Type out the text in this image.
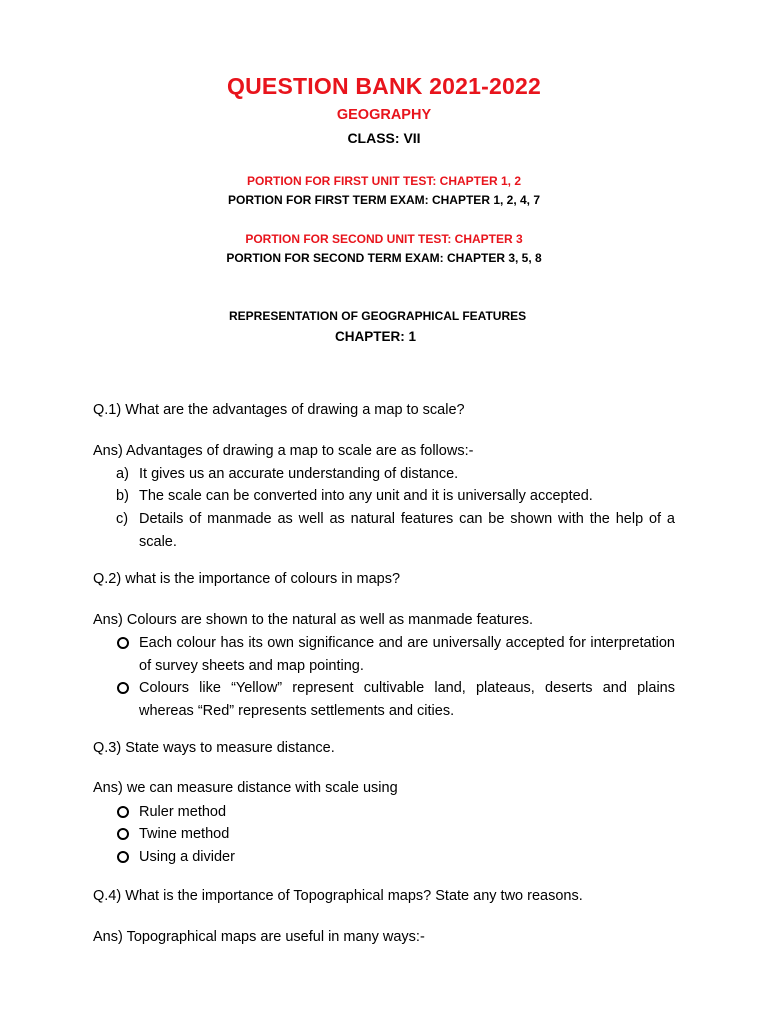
QUESTION BANK 2021-2022
GEOGRAPHY
CLASS: VII
PORTION FOR FIRST UNIT TEST: CHAPTER 1, 2
PORTION FOR FIRST TERM EXAM: CHAPTER 1, 2, 4, 7
PORTION FOR SECOND UNIT TEST: CHAPTER 3
PORTION FOR SECOND TERM EXAM: CHAPTER 3, 5, 8
REPRESENTATION OF GEOGRAPHICAL FEATURES
CHAPTER: 1
Q.1) What are the advantages of drawing a map to scale?
Ans) Advantages of drawing a map to scale are as follows:-
a) It gives us an accurate understanding of distance.
b) The scale can be converted into any unit and it is universally accepted.
c) Details of manmade as well as natural features can be shown with the help of a scale.
Q.2) what is the importance of colours in maps?
Ans) Colours are shown to the natural as well as manmade features.
Each colour has its own significance and are universally accepted for interpretation of survey sheets and map pointing.
Colours like “Yellow” represent cultivable land, plateaus, deserts and plains whereas “Red” represents settlements and cities.
Q.3) State ways to measure distance.
Ans) we can measure distance with scale using
Ruler method
Twine method
Using a divider
Q.4) What is the importance of Topographical maps? State any two reasons.
Ans) Topographical maps are useful in many ways:-
